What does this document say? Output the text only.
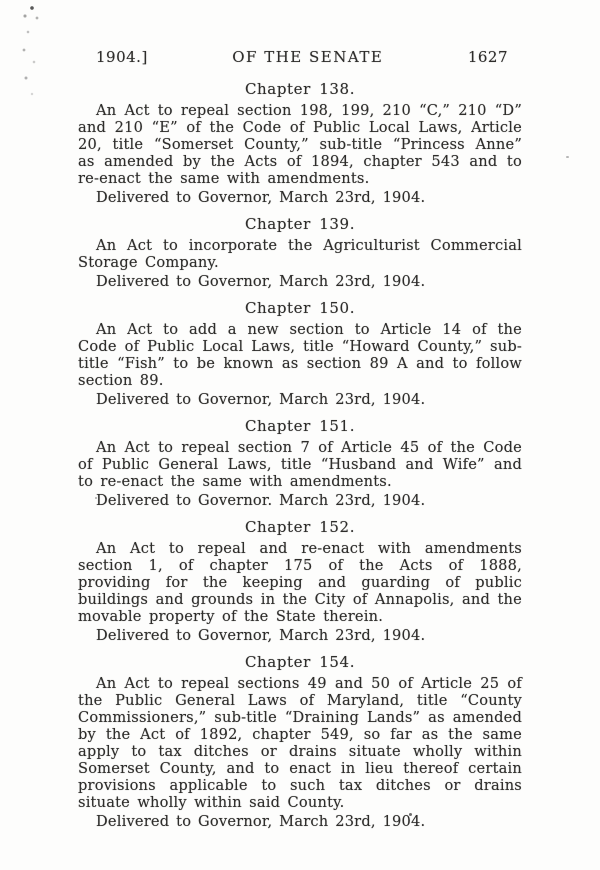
1904.]	OF THE SENATE	1627
Chapter 138.

An Act to repeal section 198, 199, 210 “C,” 210 “D” and 210 “E” of the Code of Public Local Laws, Article 20, title “Somerset County,” sub-title “Princess Anne” as amended by the Acts of 1894, chapter 543 and to re-enact the same with amendments.

Delivered to Governor, March 23rd, 1904.

Chapter 139.

An Act to incorporate the Agriculturist Commercial Storage Company.

Delivered to Governor, March 23rd, 1904.

Chapter 150.

An Act to add a new section to Article 14 of the Code of Public Local Laws, title “Howard County,” sub-title “Fish” to be known as section 89 A and to follow section 89.

Delivered to Governor, March 23rd, 1904.

Chapter 151.

An Act to repeal section 7 of Article 45 of the Code of Public General Laws, title “Husband and Wife” and to re-enact the same with amendments.

Delivered to Governor. March 23rd, 1904.

Chapter 152.

An Act to repeal and re-enact with amendments section 1, of chapter 175 of the Acts of 1888, providing for the keeping and guarding of public buildings and grounds in the City of Annapolis, and the movable property of the State therein.

Delivered to Governor, March 23rd, 1904.

Chapter 154.

An Act to repeal sections 49 and 50 of Article 25 of the Public General Laws of Maryland, title “County Commissioners,” sub-title “Draining Lands” as amended by the Act of 1892, chapter 549, so far as the same apply to tax ditches or drains situate wholly within Somerset County, and to enact in lieu thereof certain provisions applicable to such tax ditches or drains situate wholly within said County.

Delivered to Governor, March 23rd, 1904.
